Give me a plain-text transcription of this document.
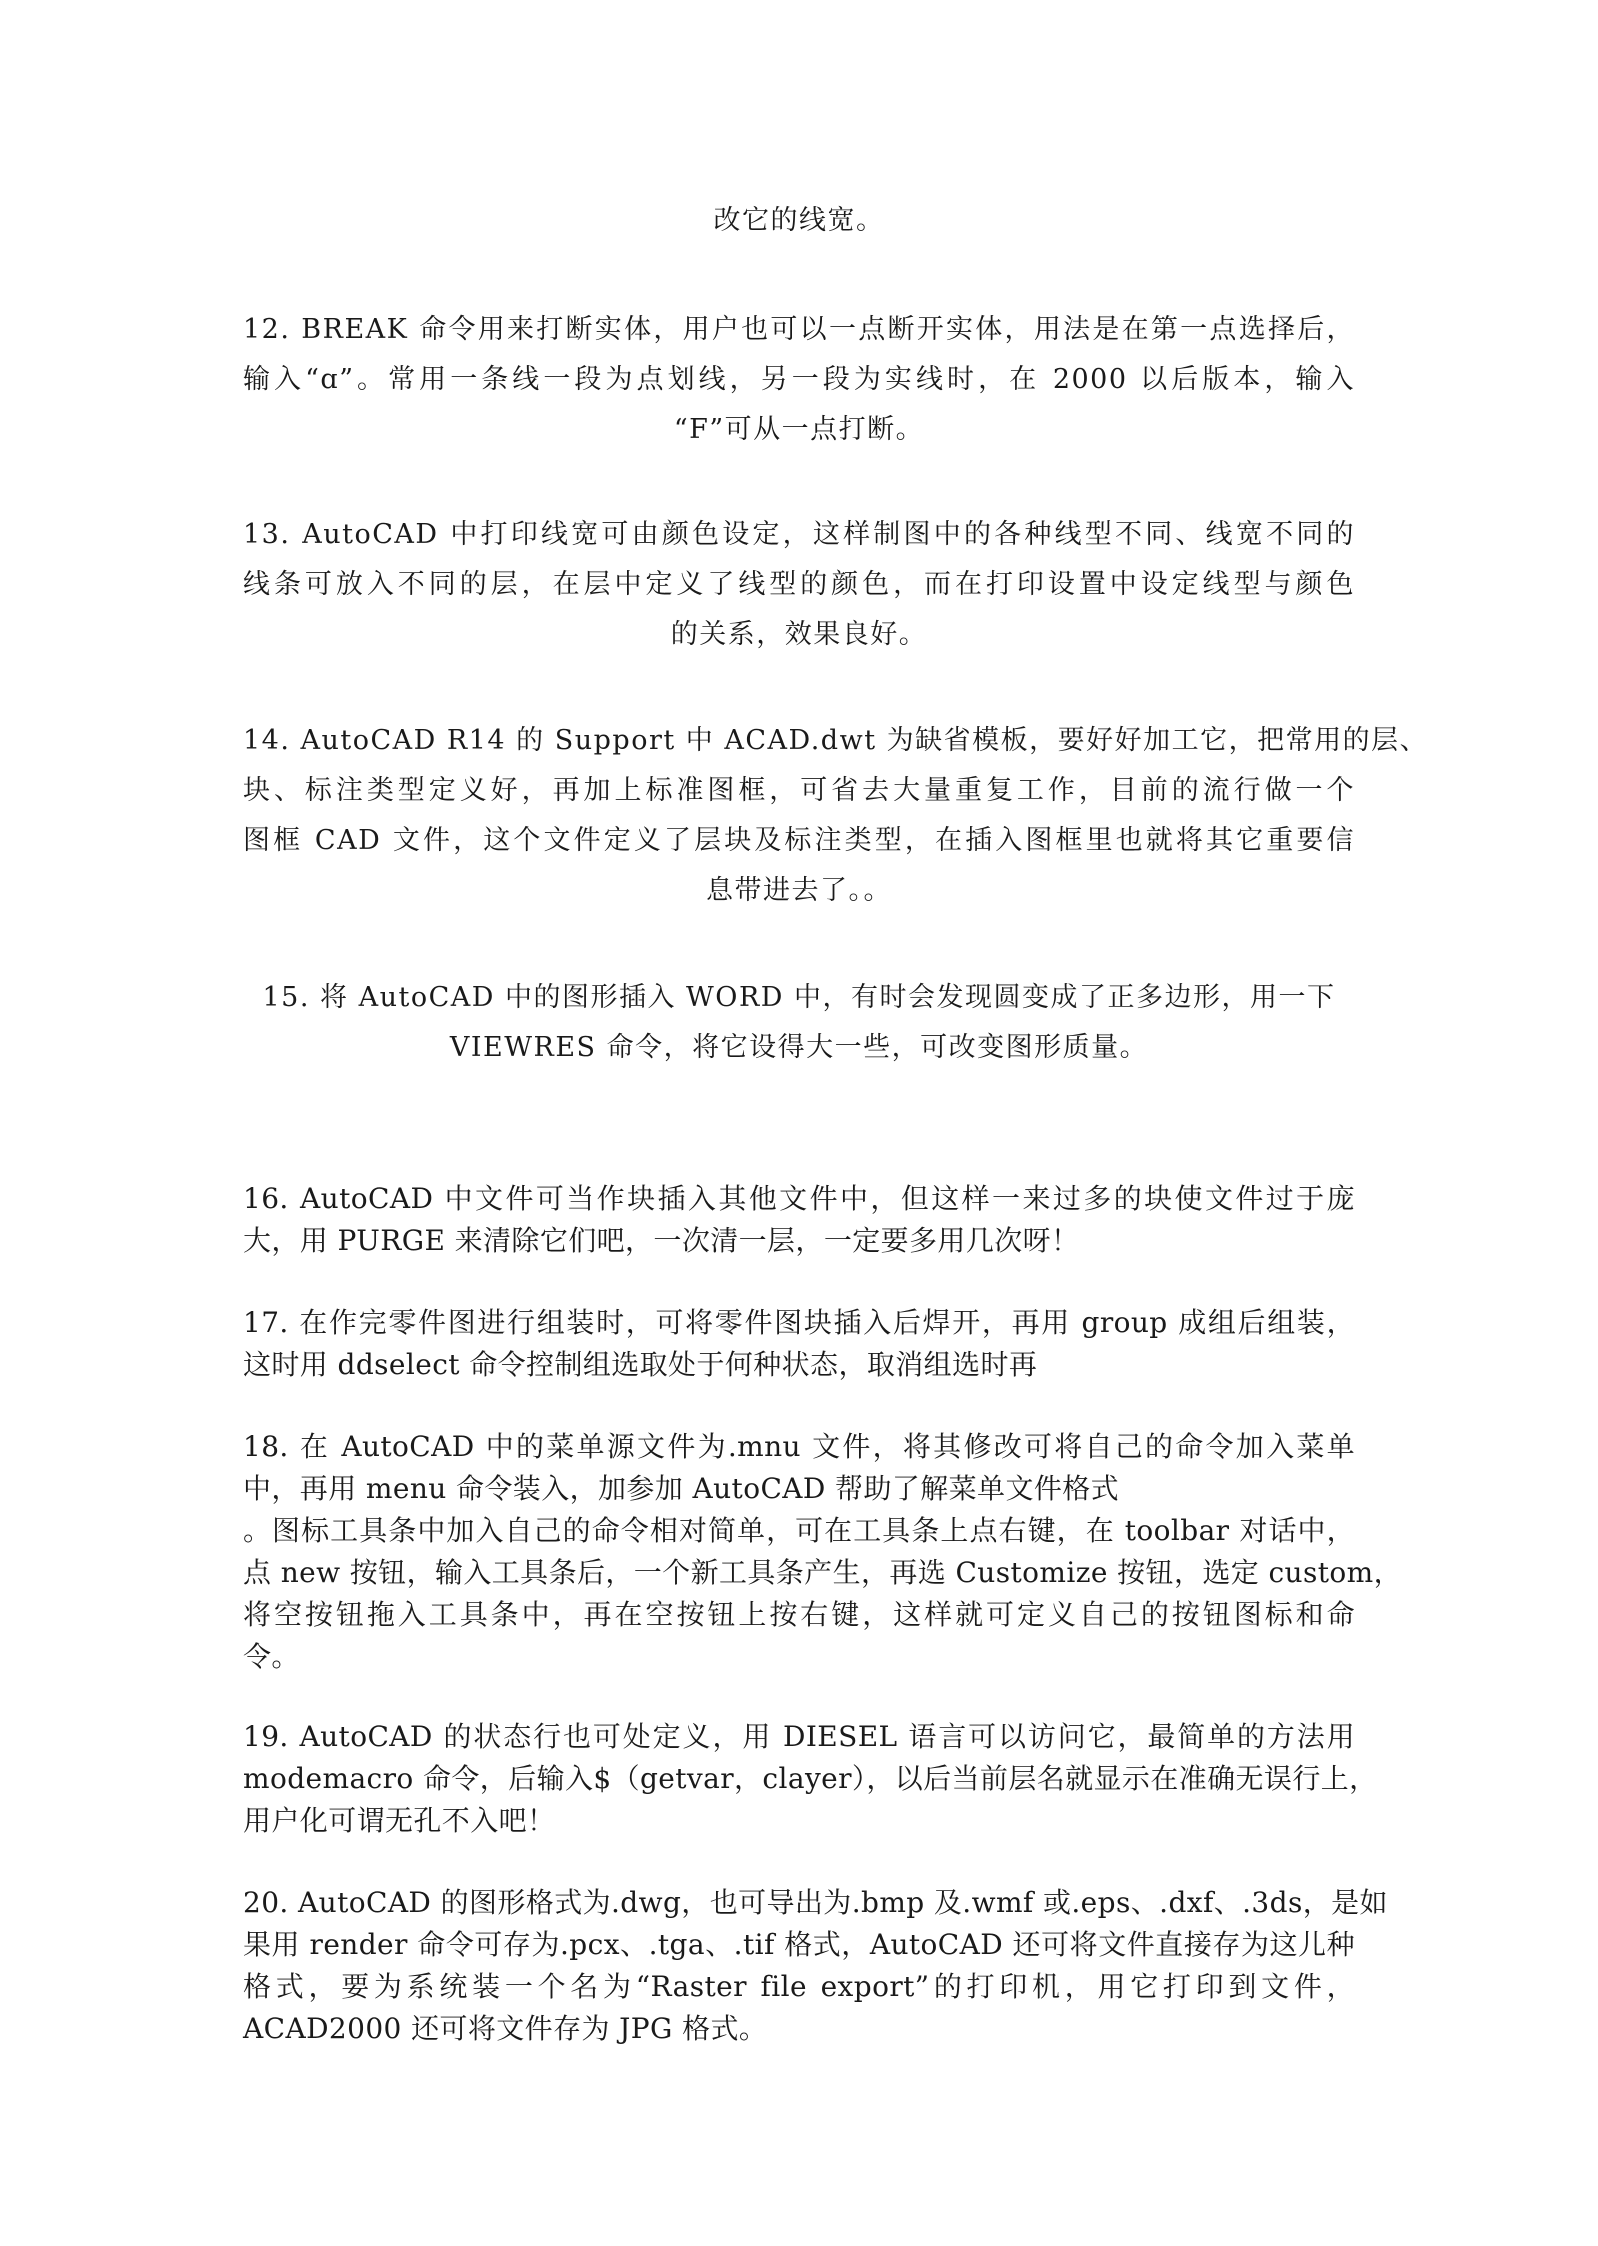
改它的线宽。
12. BREAK 命令用来打断实体，用户也可以一点断开实体，用法是在第一点选择后，
输入“ɑ”。常用一条线一段为点划线，另一段为实线时，在 2000 以后版本，输入
“F”可从一点打断。
13. AutoCAD 中打印线宽可由颜色设定，这样制图中的各种线型不同、线宽不同的
线条可放入不同的层，在层中定义了线型的颜色，而在打印设置中设定线型与颜色
的关系，效果良好。
14. AutoCAD R14 的 Support 中 ACAD.dwt 为缺省模板，要好好加工它，把常用的层、
块、标注类型定义好，再加上标准图框，可省去大量重复工作，目前的流行做一个
图框 CAD 文件，这个文件定义了层块及标注类型，在插入图框里也就将其它重要信
息带进去了。。
15. 将 AutoCAD 中的图形插入 WORD 中，有时会发现圆变成了正多边形，用一下
VIEWRES 命令，将它设得大一些，可改变图形质量。
16. AutoCAD 中文件可当作块插入其他文件中，但这样一来过多的块使文件过于庞
大，用 PURGE 来清除它们吧，一次清一层，一定要多用几次呀！
17. 在作完零件图进行组装时，可将零件图块插入后焊开，再用 group 成组后组装，
这时用 ddselect 命令控制组选取处于何种状态，取消组选时再
18. 在 AutoCAD 中的菜单源文件为.mnu 文件，将其修改可将自己的命令加入菜单
中，再用 menu 命令装入，加参加 AutoCAD 帮助了解菜单文件格式
。图标工具条中加入自己的命令相对简单，可在工具条上点右键，在 toolbar 对话中，
点 new 按钮，输入工具条后，一个新工具条产生，再选 Customize 按钮，选定 custom，
将空按钮拖入工具条中，再在空按钮上按右键，这样就可定义自己的按钮图标和命
令。
19. AutoCAD 的状态行也可处定义，用 DIESEL 语言可以访问它，最简单的方法用
modemacro 命令，后输入$（getvar，clayer），以后当前层名就显示在准确无误行上，
用户化可谓无孔不入吧！
20. AutoCAD 的图形格式为.dwg，也可导出为.bmp 及.wmf 或.eps、.dxf、.3ds，是如
果用 render 命令可存为.pcx、.tga、.tif 格式，AutoCAD 还可将文件直接存为这儿种
格式，要为系统装一个名为“Raster file export”的打印机，用它打印到文件，
ACAD2000 还可将文件存为 JPG 格式。
